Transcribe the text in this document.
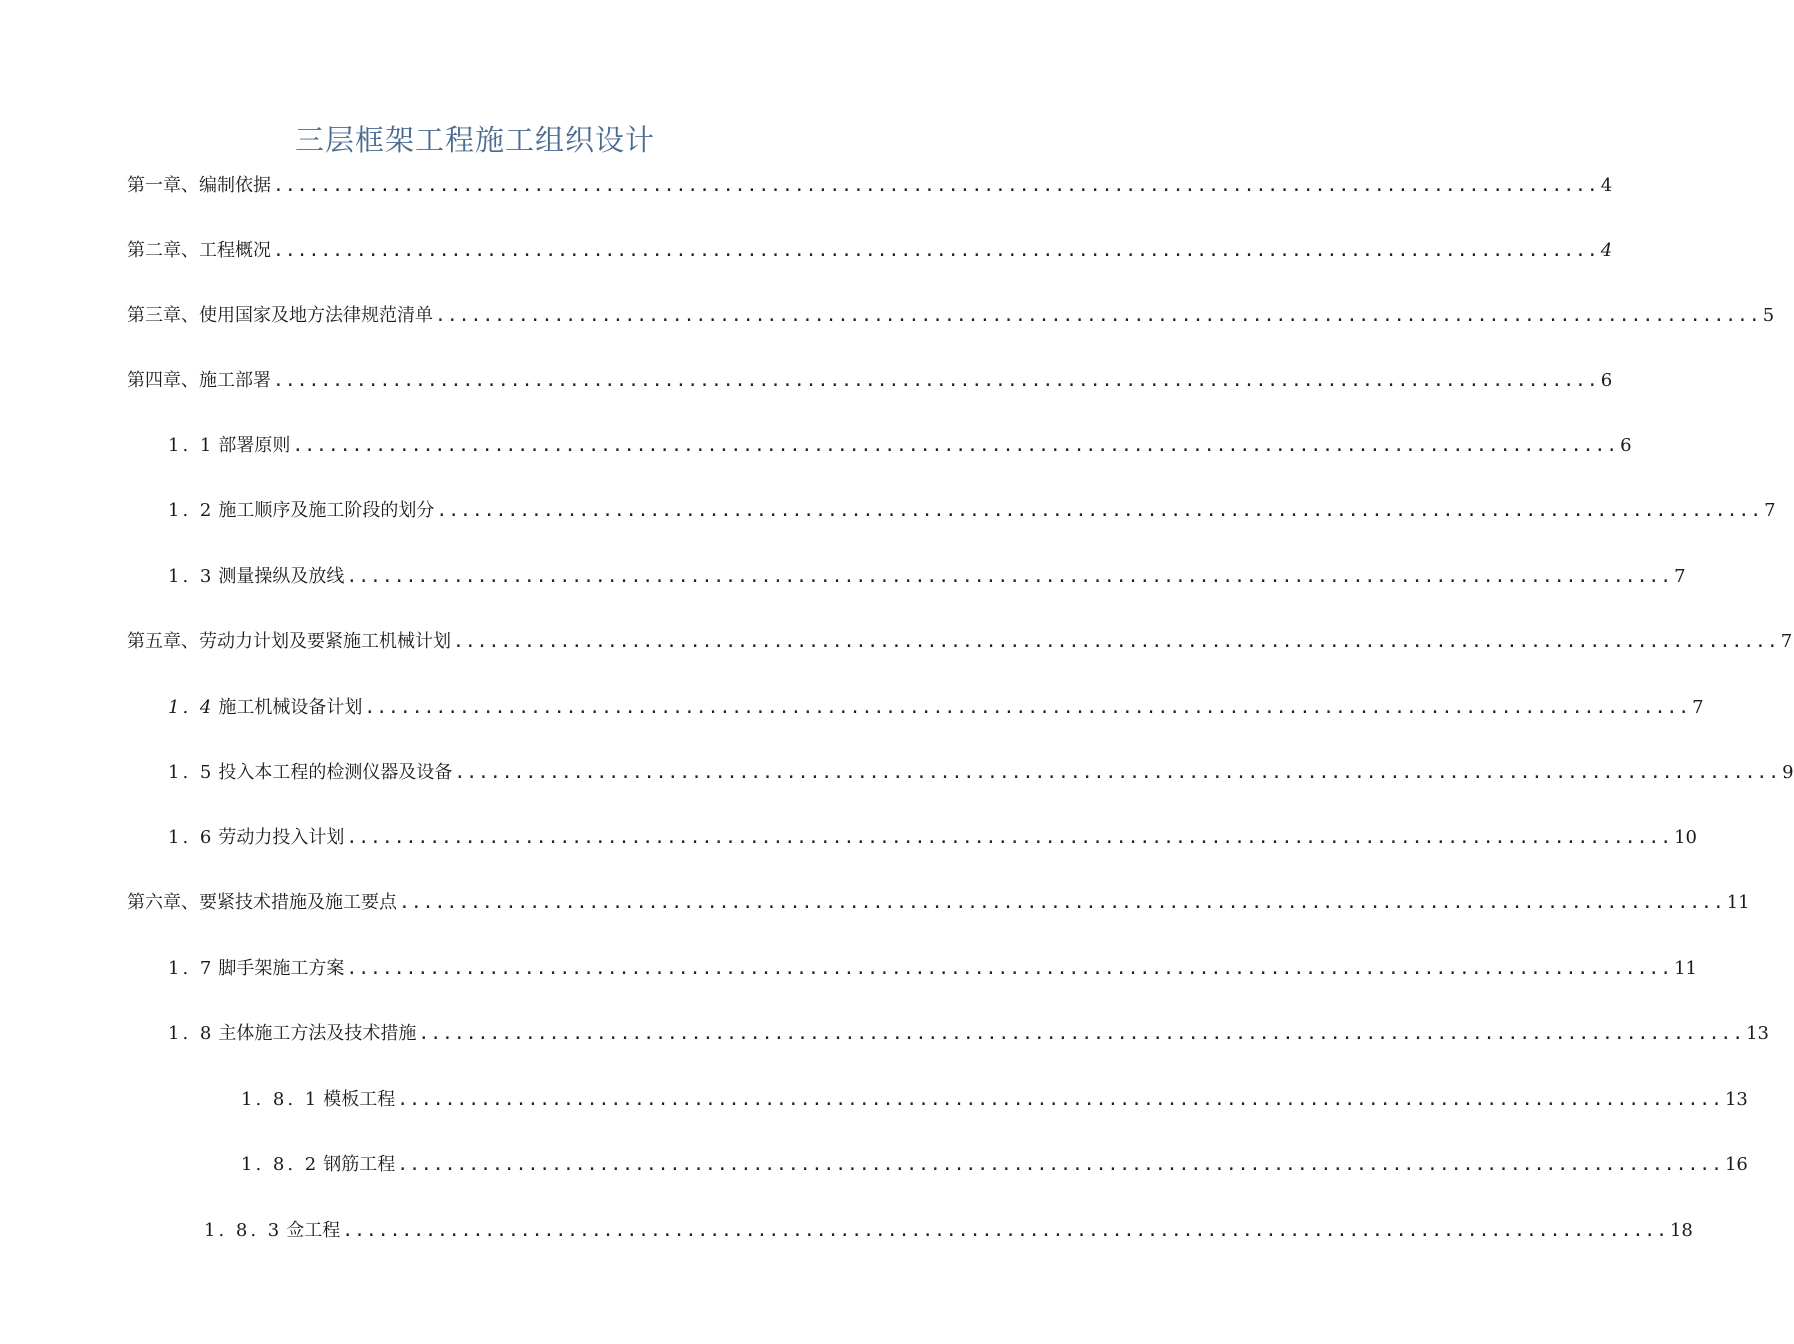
三层框架工程施工组织设计
第一章、编制依据 ................................................................................................................ 4
第二章、工程概况 ................................................................................................................ 4
第三章、使用国家及地方法律规范清单 ................................................................................................................ 5
第四章、施工部署 ................................................................................................................ 6
1. 1 部署原则 ................................................................................................................ 6
1. 2 施工顺序及施工阶段的划分 ................................................................................................................ 7
1. 3 测量操纵及放线 ................................................................................................................ 7
第五章、劳动力计划及要紧施工机械计划 ................................................................................................................ 7
1. 4 施工机械设备计划 ................................................................................................................ 7
1. 5 投入本工程的检测仪器及设备 ................................................................................................................ 9
1. 6 劳动力投入计划 ................................................................................................................ 10
第六章、要紧技术措施及施工要点 ................................................................................................................ 11
1. 7 脚手架施工方案 ................................................................................................................ 11
1. 8 主体施工方法及技术措施 ................................................................................................................ 13
1. 8. 1 模板工程 ................................................................................................................ 13
1. 8. 2 钢筋工程 ................................................................................................................ 16
1. 8. 3 佥工程 ................................................................................................................ 18
